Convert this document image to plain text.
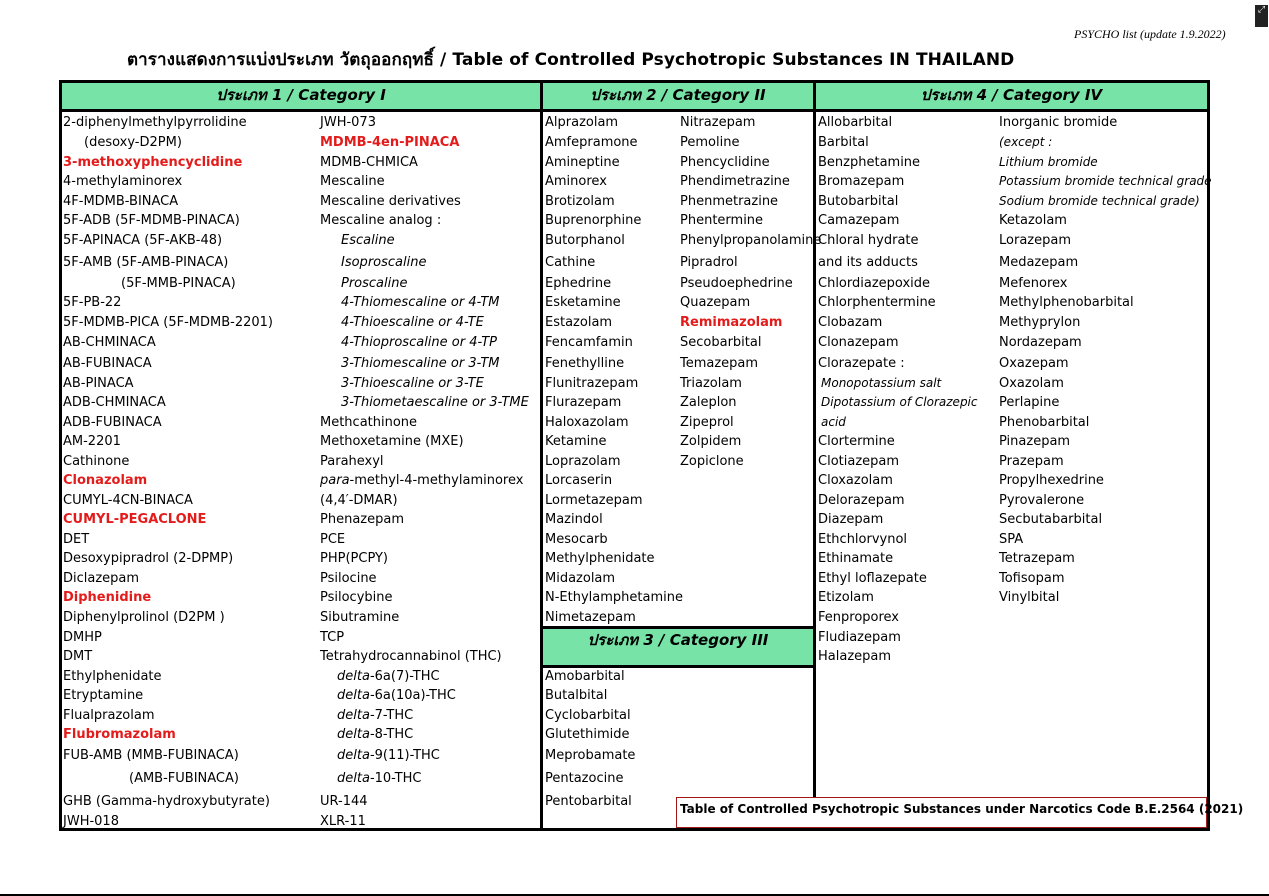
⤢
PSYCHO list (update 1.9.2022)
ตารางแสดงการแบ่งประเภท วัตถุออกฤทธิ์ / Table of Controlled Psychotropic Substances IN THAILAND
ประเภท 1 / Category I	ประเภท 2 / Category II	ประเภท 4 / Category IV
ประเภท 3 / Category III
2-diphenylmethylpyrrolidine
(desoxy-D2PM)
3-methoxyphencyclidine
4-methylaminorex
4F-MDMB-BINACA
5F-ADB (5F-MDMB-PINACA)
5F-APINACA (5F-AKB-48)
5F-AMB (5F-AMB-PINACA)
(5F-MMB-PINACA)
5F-PB-22
5F-MDMB-PICA (5F-MDMB-2201)
AB-CHMINACA
AB-FUBINACA
AB-PINACA
ADB-CHMINACA
ADB-FUBINACA
AM-2201
Cathinone
Clonazolam
CUMYL-4CN-BINACA
CUMYL-PEGACLONE
DET
Desoxypipradrol (2-DPMP)
Diclazepam
Diphenidine
Diphenylprolinol (D2PM )
DMHP
DMT
Ethylphenidate
Etryptamine
Flualprazolam
Flubromazolam
FUB-AMB (MMB-FUBINACA)
(AMB-FUBINACA)
GHB (Gamma-hydroxybutyrate)
JWH-018
JWH-073
MDMB-4en-PINACA
MDMB-CHMICA
Mescaline
Mescaline derivatives
Mescaline analog :
Escaline
Isoproscaline
Proscaline
4-Thiomescaline or 4-TM
4-Thioescaline or 4-TE
4-Thioproscaline or 4-TP
3-Thiomescaline or 3-TM
3-Thioescaline or 3-TE
3-Thiometaescaline or 3-TME
Methcathinone
Methoxetamine (MXE)
Parahexyl
para-methyl-4-methylaminorex
(4,4′-DMAR)
Phenazepam
PCE
PHP(PCPY)
Psilocine
Psilocybine
Sibutramine
TCP
Tetrahydrocannabinol (THC)
delta-6a(7)-THC
delta-6a(10a)-THC
delta-7-THC
delta-8-THC
delta-9(11)-THC
delta-10-THC
UR-144
XLR-11
Alprazolam
Amfepramone
Amineptine
Aminorex
Brotizolam
Buprenorphine
Butorphanol
Cathine
Ephedrine
Esketamine
Estazolam
Fencamfamin
Fenethylline
Flunitrazepam
Flurazepam
Haloxazolam
Ketamine
Loprazolam
Lorcaserin
Lormetazepam
Mazindol
Mesocarb
Methylphenidate
Midazolam
N-Ethylamphetamine
Nimetazepam
Nitrazepam
Pemoline
Phencyclidine
Phendimetrazine
Phenmetrazine
Phentermine
Phenylpropanolamine
Pipradrol
Pseudoephedrine
Quazepam
Remimazolam
Secobarbital
Temazepam
Triazolam
Zaleplon
Zipeprol
Zolpidem
Zopiclone
Amobarbital
Butalbital
Cyclobarbital
Glutethimide
Meprobamate
Pentazocine
Pentobarbital
Allobarbital
Barbital
Benzphetamine
Bromazepam
Butobarbital
Camazepam
Chloral hydrate
and its adducts
Chlordiazepoxide
Chlorphentermine
Clobazam
Clonazepam
Clorazepate :
Monopotassium salt
Dipotassium of Clorazepic
acid
Clortermine
Clotiazepam
Cloxazolam
Delorazepam
Diazepam
Ethchlorvynol
Ethinamate
Ethyl loflazepate
Etizolam
Fenproporex
Fludiazepam
Halazepam
Inorganic bromide
(except :
Lithium bromide
Potassium bromide technical grade
Sodium bromide technical grade)
Ketazolam
Lorazepam
Medazepam
Mefenorex
Methylphenobarbital
Methyprylon
Nordazepam
Oxazepam
Oxazolam
Perlapine
Phenobarbital
Pinazepam
Prazepam
Propylhexedrine
Pyrovalerone
Secbutabarbital
SPA
Tetrazepam
Tofisopam
Vinylbital
Table of Controlled Psychotropic Substances under Narcotics Code B.E.2564 (2021)
